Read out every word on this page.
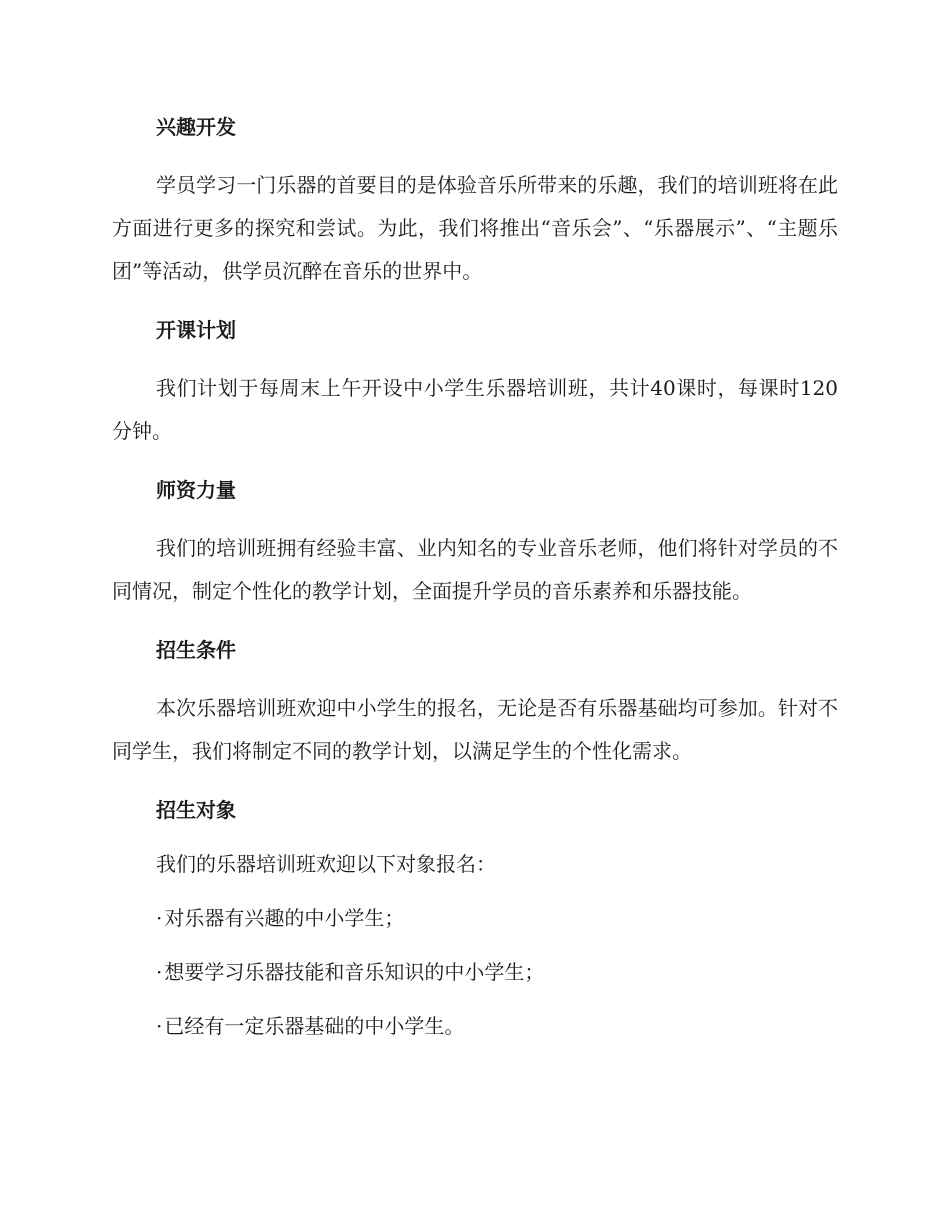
兴趣开发
学员学习一门乐器的首要目的是体验音乐所带来的乐趣，我们的培训班将在此方面进行更多的探究和尝试。为此，我们将推出“音乐会”、“乐器展示”、“主题乐团”等活动，供学员沉醉在音乐的世界中。
开课计划
我们计划于每周末上午开设中小学生乐器培训班，共计40课时，每课时120分钟。
师资力量
我们的培训班拥有经验丰富、业内知名的专业音乐老师，他们将针对学员的不同情况，制定个性化的教学计划，全面提升学员的音乐素养和乐器技能。
招生条件
本次乐器培训班欢迎中小学生的报名，无论是否有乐器基础均可参加。针对不同学生，我们将制定不同的教学计划，以满足学生的个性化需求。
招生对象
我们的乐器培训班欢迎以下对象报名：
· 对乐器有兴趣的中小学生；
· 想要学习乐器技能和音乐知识的中小学生；
· 已经有一定乐器基础的中小学生。
